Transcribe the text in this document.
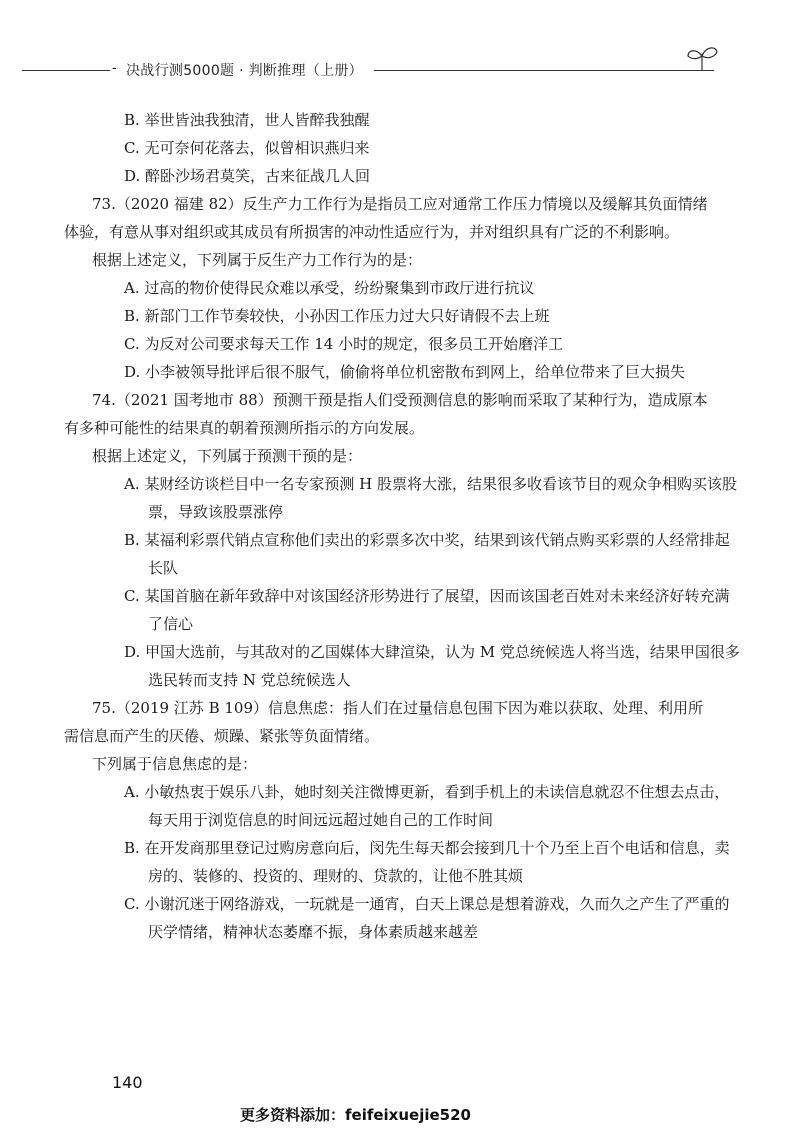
- 决战行测5000题 · 判断推理（上册）

B. 举世皆浊我独清，世人皆醉我独醒

C. 无可奈何花落去，似曾相识燕归来

D. 醉卧沙场君莫笑，古来征战几人回

73.（2020 福建 82）反生产力工作行为是指员工应对通常工作压力情境以及缓解其负面情绪体验，有意从事对组织或其成员有所损害的冲动性适应行为，并对组织具有广泛的不利影响。

根据上述定义，下列属于反生产力工作行为的是：

A. 过高的物价使得民众难以承受，纷纷聚集到市政厅进行抗议

B. 新部门工作节奏较快，小孙因工作压力过大只好请假不去上班

C. 为反对公司要求每天工作 14 小时的规定，很多员工开始磨洋工

D. 小李被领导批评后很不服气，偷偷将单位机密散布到网上，给单位带来了巨大损失

74.（2021 国考地市 88）预测干预是指人们受预测信息的影响而采取了某种行为，造成原本有多种可能性的结果真的朝着预测所指示的方向发展。

根据上述定义，下列属于预测干预的是：

A. 某财经访谈栏目中一名专家预测 H 股票将大涨，结果很多收看该节目的观众争相购买该股票，导致该股票涨停

B. 某福利彩票代销点宣称他们卖出的彩票多次中奖，结果到该代销点购买彩票的人经常排起长队

C. 某国首脑在新年致辞中对该国经济形势进行了展望，因而该国老百姓对未来经济好转充满了信心

D. 甲国大选前，与其敌对的乙国媒体大肆渲染，认为 M 党总统候选人将当选，结果甲国很多选民转而支持 N 党总统候选人

75.（2019 江苏 B 109）信息焦虑：指人们在过量信息包围下因为难以获取、处理、利用所需信息而产生的厌倦、烦躁、紧张等负面情绪。

下列属于信息焦虑的是：

A. 小敏热衷于娱乐八卦，她时刻关注微博更新，看到手机上的未读信息就忍不住想去点击，每天用于浏览信息的时间远远超过她自己的工作时间

B. 在开发商那里登记过购房意向后，闵先生每天都会接到几十个乃至上百个电话和信息，卖房的、装修的、投资的、理财的、贷款的，让他不胜其烦

C. 小谢沉迷于网络游戏，一玩就是一通宵，白天上课总是想着游戏，久而久之产生了严重的厌学情绪，精神状态萎靡不振，身体素质越来越差

140
更多资料添加：feifeixuejie520
